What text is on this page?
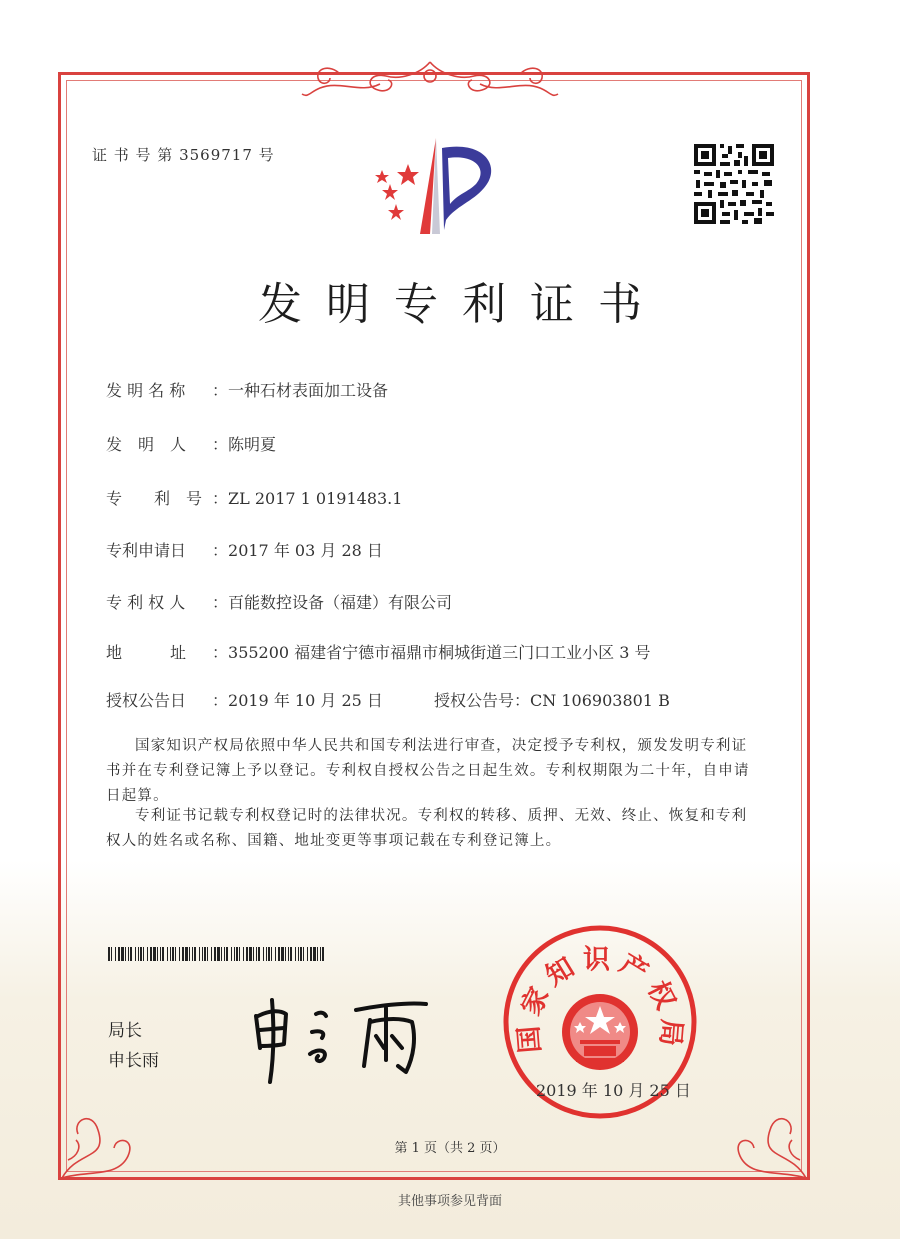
证 书 号 第 3569717 号
发明专利证书
发 明 名 称 ：一种石材表面加工设备
发　明　人 ：陈明夏
专　　利　号 ：ZL 2017 1 0191483.1
专利申请日 ：2017 年 03 月 28 日
专 利 权 人 ：百能数控设备（福建）有限公司
地　　　址 ：355200 福建省宁德市福鼎市桐城街道三门口工业小区 3 号
授权公告日 ：2019 年 10 月 25 日	授权公告号：CN 106903801 B
国家知识产权局依照中华人民共和国专利法进行审查，决定授予专利权，颁发发明专利证书并在专利登记簿上予以登记。专利权自授权公告之日起生效。专利权期限为二十年，自申请日起算。
专利证书记载专利权登记时的法律状况。专利权的转移、质押、无效、终止、恢复和专利权人的姓名或名称、国籍、地址变更等事项记载在专利登记簿上。
局长
申长雨
国家知识产权局
2019 年 10 月 25 日
第 1 页（共 2 页）
其他事项参见背面
